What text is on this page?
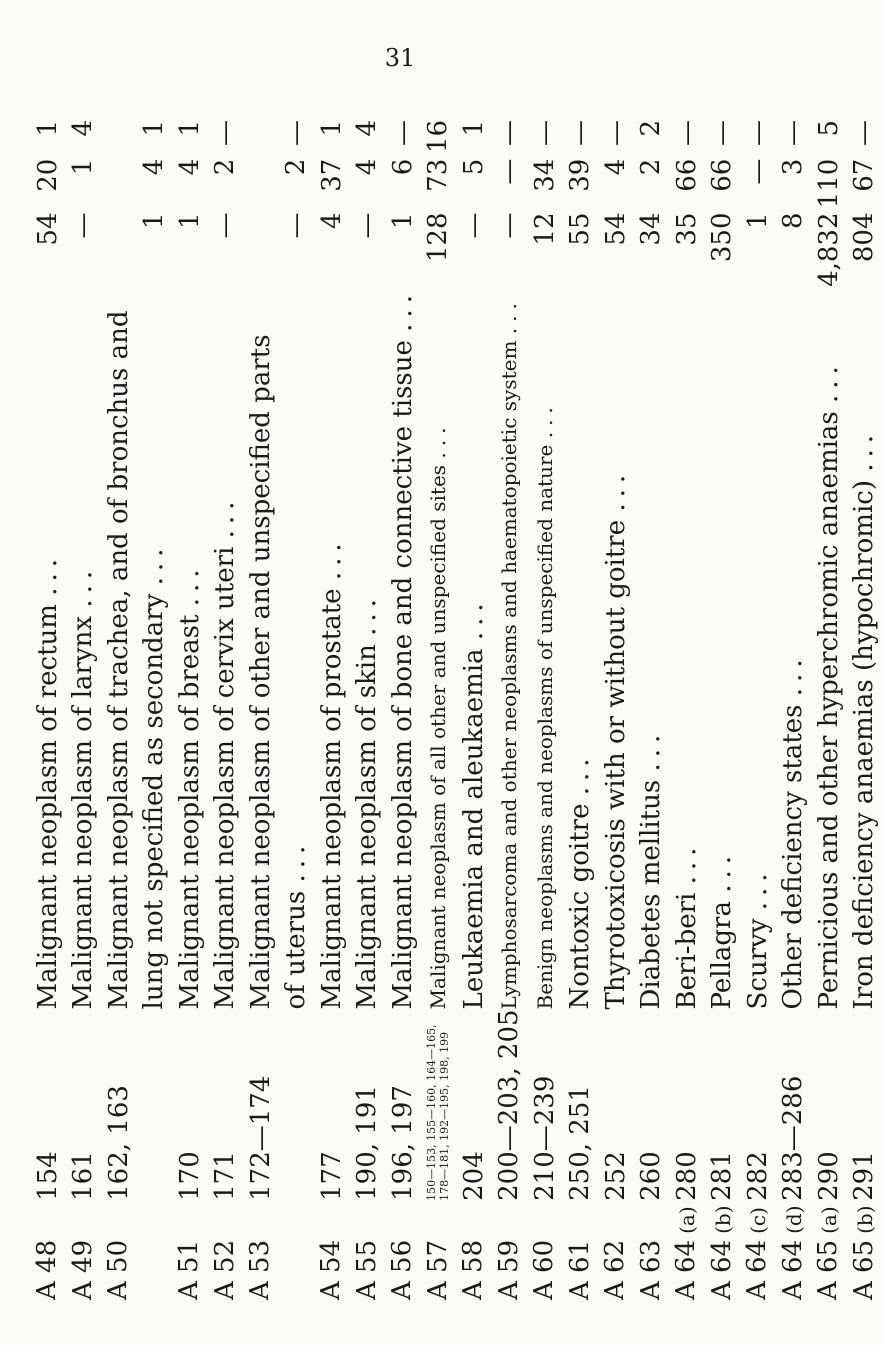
31
A 48	154	Malignant neoplasm of rectum ...	54	20	1
A 49	161	Malignant neoplasm of larynx ...	—	1	4
A 50	162, 163	Malignant neoplasm of trachea, and of bronchus and			
		lung not specified as secondary ...	1	4	1
A 51	170	Malignant neoplasm of breast ...	1	4	1
A 52	171	Malignant neoplasm of cervix uteri ...	—	2	—
A 53	172—174	Malignant neoplasm of other and unspecified parts			
		of uterus ...	—	2	—
A 54	177	Malignant neoplasm of prostate ...	4	37	1
A 55	190, 191	Malignant neoplasm of skin ...	—	4	4
A 56	196, 197	Malignant neoplasm of bone and connective tissue ...	1	6	—
A 57	150—153, 155—160, 164—165, 178—181, 192—195, 198, 199	Malignant neoplasm of all other and unspecified sites ...	128	73	16
A 58	204	Leukaemia and aleukaemia ...	—	5	1
A 59	200—203, 205	Lymphosarcoma and other neoplasms and haematopoietic system ...	—	—	—
A 60	210—239	Benign neoplasms and neoplasms of unspecified nature ...	12	34	—
A 61	250, 251	Nontoxic goitre ...	55	39	—
A 62	252	Thyrotoxicosis with or without goitre ...	54	4	—
A 63	260	Diabetes mellitus ...	34	2	2
A 64(a)	280	Beri-beri ...	35	66	—
A 64(b)	281	Pellagra ...	350	66	—
A 64(c)	282	Scurvy ...	1	—	—
A 64(d)	283—286	Other deficiency states ...	8	3	—
A 65(a)	290	Pernicious and other hyperchromic anaemias ...	4,832	110	5
A 65(b)	291	Iron deficiency anaemias (hypochromic) ...	804	67	—
